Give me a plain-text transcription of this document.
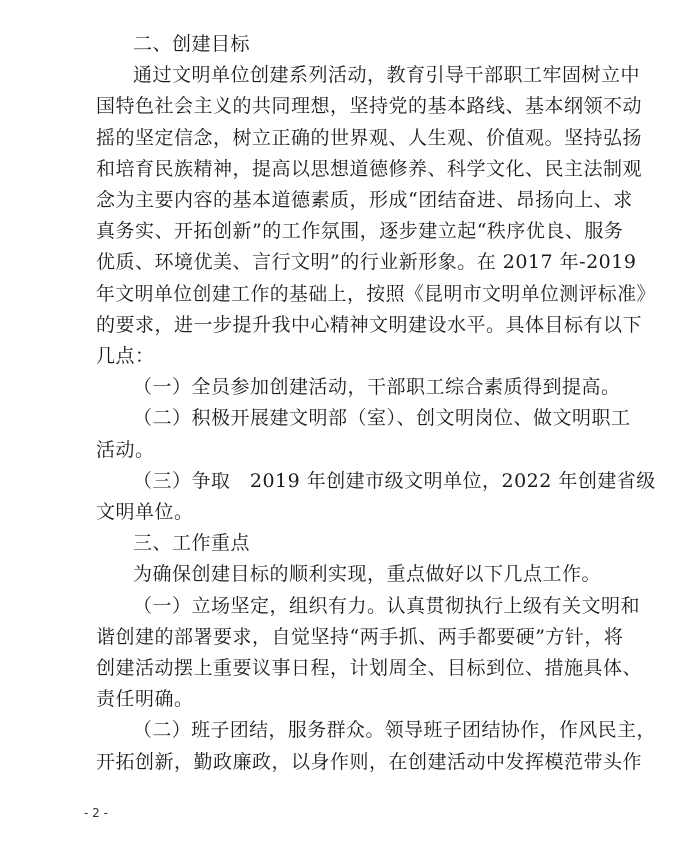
二、创建目标
通过文明单位创建系列活动，教育引导干部职工牢固树立中
国特色社会主义的共同理想，坚持党的基本路线、基本纲领不动
摇的坚定信念，树立正确的世界观、人生观、价值观。坚持弘扬
和培育民族精神，提高以思想道德修养、科学文化、民主法制观
念为主要内容的基本道德素质，形成“团结奋进、昂扬向上、求
真务实、开拓创新”的工作氛围，逐步建立起“秩序优良、服务
优质、环境优美、言行文明”的行业新形象。在 2017 年-2019
年文明单位创建工作的基础上，按照《昆明市文明单位测评标准》
的要求，进一步提升我中心精神文明建设水平。具体目标有以下
几点：
（一）全员参加创建活动，干部职工综合素质得到提高。
（二）积极开展建文明部（室）、创文明岗位、做文明职工
活动。
（三）争取　2019 年创建市级文明单位，2022 年创建省级
文明单位。
三、工作重点
为确保创建目标的顺利实现，重点做好以下几点工作。
（一）立场坚定，组织有力。认真贯彻执行上级有关文明和
谐创建的部署要求，自觉坚持“两手抓、两手都要硬”方针，将
创建活动摆上重要议事日程，计划周全、目标到位、措施具体、
责任明确。
（二）班子团结，服务群众。领导班子团结协作，作风民主，
开拓创新，勤政廉政，以身作则，在创建活动中发挥模范带头作
- 2 -
